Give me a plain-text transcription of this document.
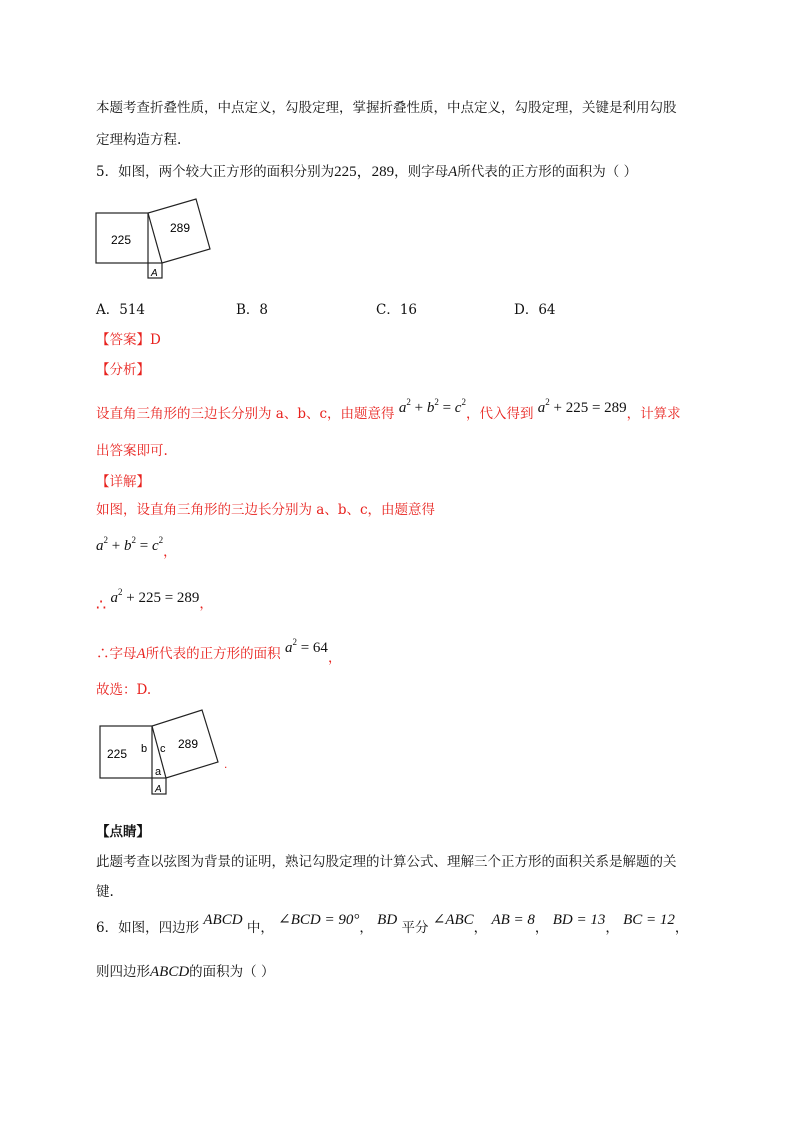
本题考查折叠性质，中点定义，勾股定理，掌握折叠性质，中点定义，勾股定理，关键是利用勾股
定理构造方程.
5．如图，两个较大正方形的面积分别为225，289，则字母A所代表的正方形的面积为（ ）
225
289
A
A．514	B．8	C．16	D．64
【答案】D
【分析】
设直角三角形的三边长分别为 a、b、c，由题意得 $a^2 + b^2 = c^2$，代入得到 $a^2 + 225 = 289$，计算求
出答案即可.
【详解】
如图，设直角三角形的三边长分别为 a、b、c，由题意得
$a^2 + b^2 = c^2$，
∴ $a^2 + 225 = 289$，
∴字母A所代表的正方形的面积 $a^2 = 64$，
故选：D.
225 b c 289
a
A
.
【点睛】
此题考查以弦图为背景的证明，熟记勾股定理的计算公式、理解三个正方形的面积关系是解题的关
键.
6．如图，四边形 ABCD 中， ∠BCD = 90°， BD 平分 ∠ABC， AB = 8， BD = 13， BC = 12，
则四边形ABCD的面积为（ ）
